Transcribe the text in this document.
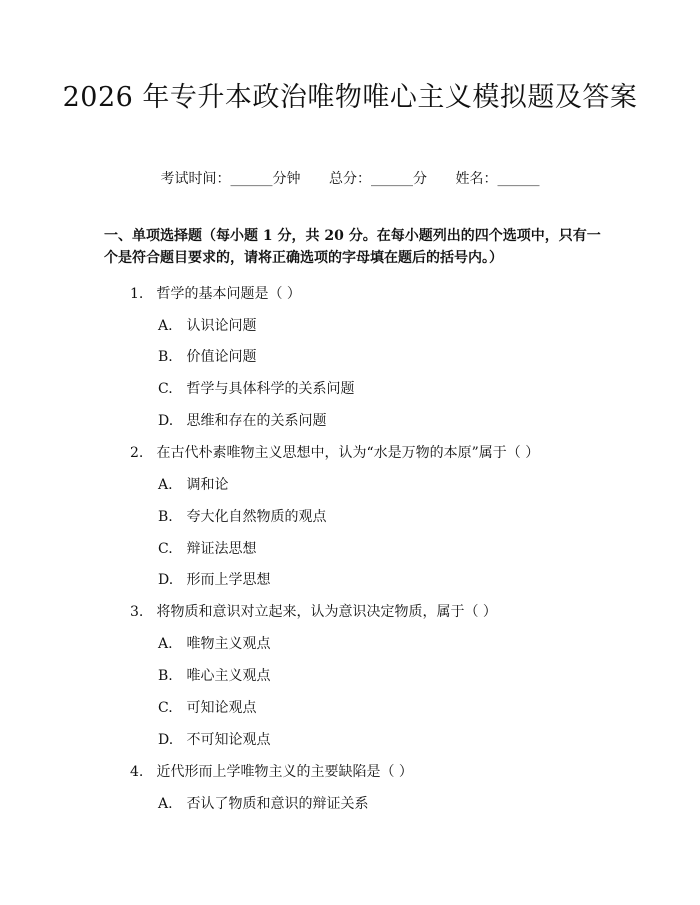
2026 年专升本政治唯物唯心主义模拟题及答案
考试时间：______分钟 总分：______分 姓名：______
一、单项选择题（每小题 1 分，共 20 分。在每小题列出的四个选项中，只有一个是符合题目要求的，请将正确选项的字母填在题后的括号内。）
1. 哲学的基本问题是（ ）
A. 认识论问题
B. 价值论问题
C. 哲学与具体科学的关系问题
D. 思维和存在的关系问题
2. 在古代朴素唯物主义思想中，认为“水是万物的本原”属于（ ）
A. 调和论
B. 夸大化自然物质的观点
C. 辩证法思想
D. 形而上学思想
3. 将物质和意识对立起来，认为意识决定物质，属于（ ）
A. 唯物主义观点
B. 唯心主义观点
C. 可知论观点
D. 不可知论观点
4. 近代形而上学唯物主义的主要缺陷是（ ）
A. 否认了物质和意识的辩证关系
